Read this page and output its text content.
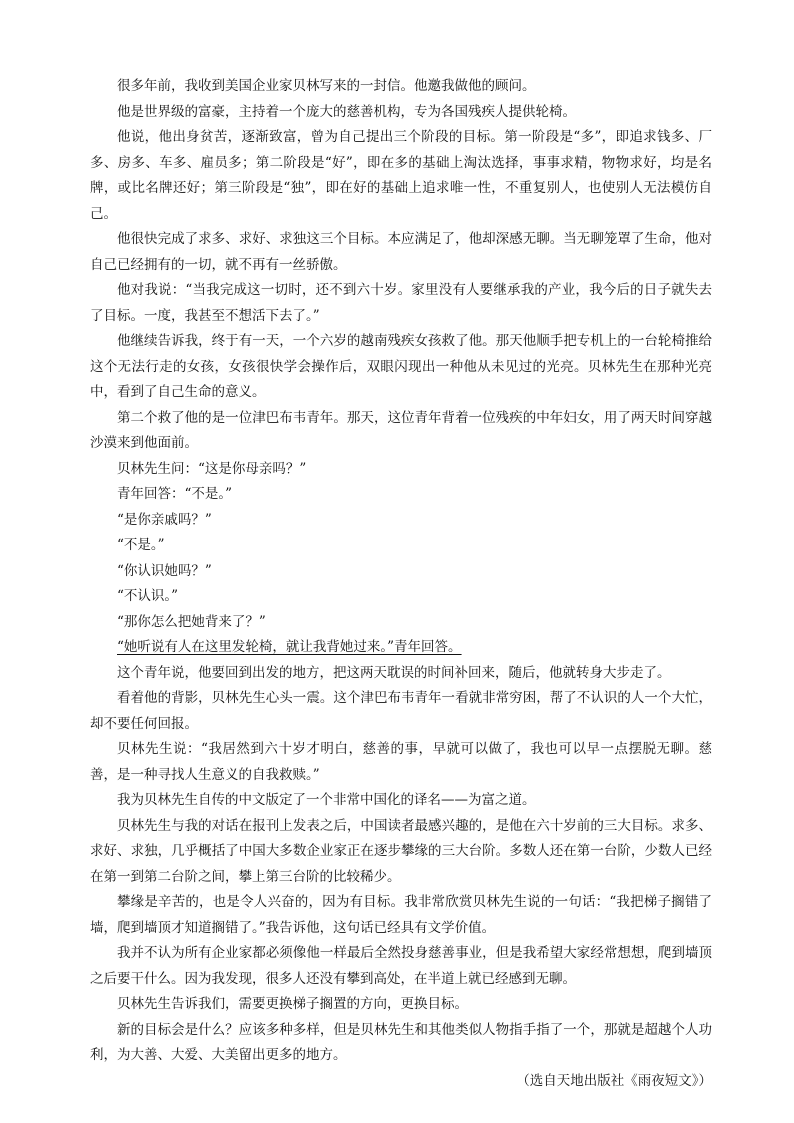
很多年前，我收到美国企业家贝林写来的一封信。他邀我做他的顾问。

他是世界级的富豪，主持着一个庞大的慈善机构，专为各国残疾人提供轮椅。

他说，他出身贫苦，逐渐致富，曾为自己提出三个阶段的目标。第一阶段是“多”，即追求钱多、厂多、房多、车多、雇员多；第二阶段是“好”，即在多的基础上淘汰选择，事事求精，物物求好，均是名牌，或比名牌还好；第三阶段是“独”，即在好的基础上追求唯一性，不重复别人，也使别人无法模仿自己。

他很快完成了求多、求好、求独这三个目标。本应满足了，他却深感无聊。当无聊笼罩了生命，他对自己已经拥有的一切，就不再有一丝骄傲。

他对我说：“当我完成这一切时，还不到六十岁。家里没有人要继承我的产业，我今后的日子就失去了目标。一度，我甚至不想活下去了。”

他继续告诉我，终于有一天，一个六岁的越南残疾女孩救了他。那天他顺手把专机上的一台轮椅推给这个无法行走的女孩，女孩很快学会操作后，双眼闪现出一种他从未见过的光亮。贝林先生在那种光亮中，看到了自己生命的意义。

第二个救了他的是一位津巴布韦青年。那天，这位青年背着一位残疾的中年妇女，用了两天时间穿越沙漠来到他面前。

贝林先生问：“这是你母亲吗？”

青年回答：“不是。”

“是你亲戚吗？”

“不是。”

“你认识她吗？”

“不认识。”

“那你怎么把她背来了？”

“她听说有人在这里发轮椅，就让我背她过来。”青年回答。

这个青年说，他要回到出发的地方，把这两天耽误的时间补回来，随后，他就转身大步走了。

看着他的背影，贝林先生心头一震。这个津巴布韦青年一看就非常穷困，帮了不认识的人一个大忙，却不要任何回报。

贝林先生说：“我居然到六十岁才明白，慈善的事，早就可以做了，我也可以早一点摆脱无聊。慈善，是一种寻找人生意义的自我救赎。”

我为贝林先生自传的中文版定了一个非常中国化的译名——为富之道。

贝林先生与我的对话在报刊上发表之后，中国读者最感兴趣的，是他在六十岁前的三大目标。求多、求好、求独，几乎概括了中国大多数企业家正在逐步攀缘的三大台阶。多数人还在第一台阶，少数人已经在第一到第二台阶之间，攀上第三台阶的比较稀少。

攀缘是辛苦的，也是令人兴奋的，因为有目标。我非常欣赏贝林先生说的一句话：“我把梯子搁错了墙，爬到墙顶才知道搁错了。”我告诉他，这句话已经具有文学价值。

我并不认为所有企业家都必须像他一样最后全然投身慈善事业，但是我希望大家经常想想，爬到墙顶之后要干什么。因为我发现，很多人还没有攀到高处，在半道上就已经感到无聊。

贝林先生告诉我们，需要更换梯子搁置的方向，更换目标。

新的目标会是什么？应该多种多样，但是贝林先生和其他类似人物指手指了一个，那就是超越个人功利，为大善、大爱、大美留出更多的地方。

（选自天地出版社《雨夜短文》）
